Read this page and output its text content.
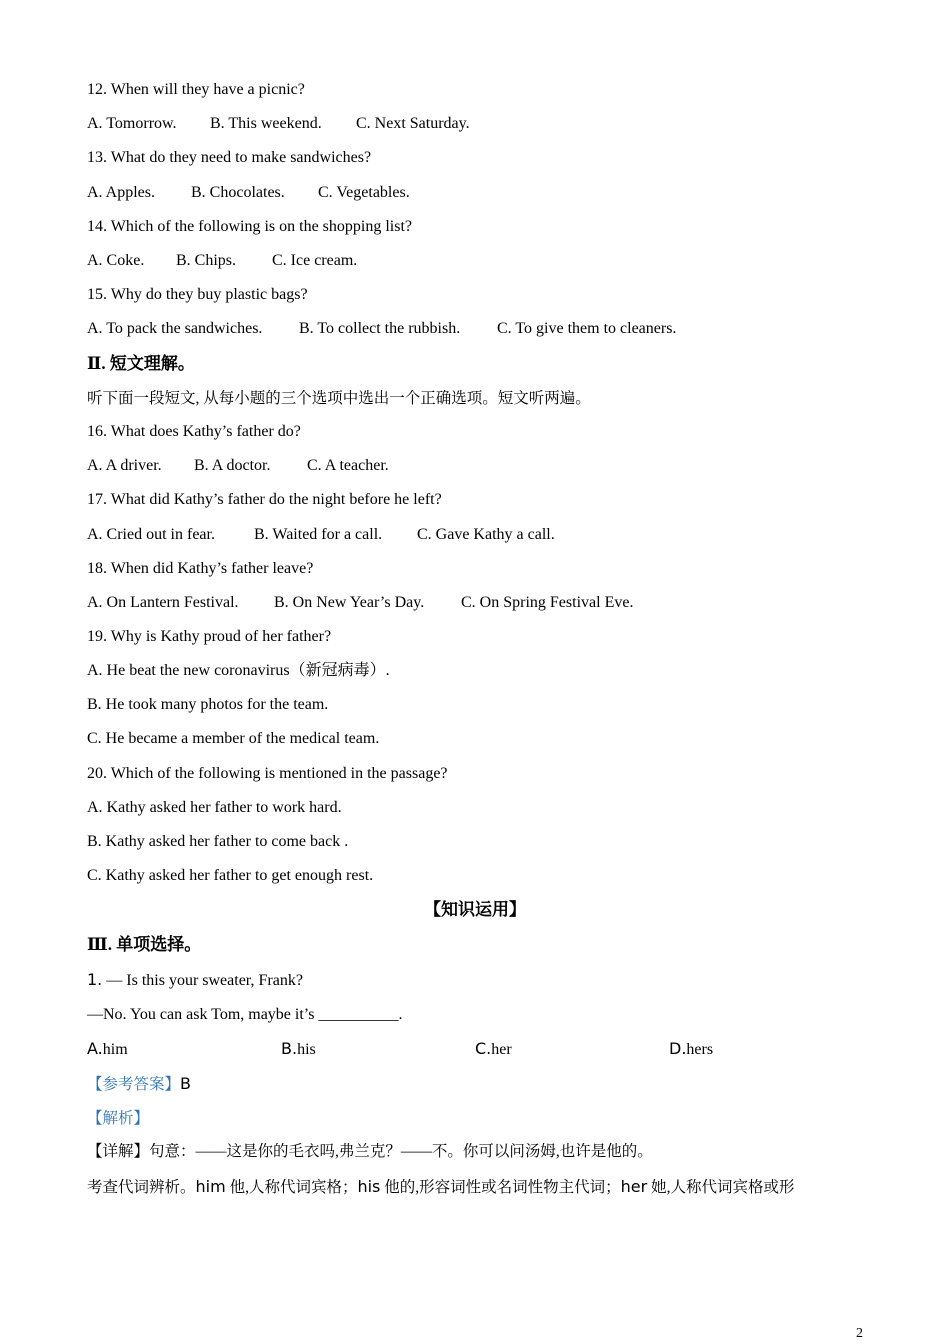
12. When will they have a picnic?
A. Tomorrow. B. This weekend. C. Next Saturday.
13. What do they need to make sandwiches?
A. Apples. B. Chocolates. C. Vegetables.
14. Which of the following is on the shopping list?
A. Coke. B. Chips. C. Ice cream.
15. Why do they buy plastic bags?
A. To pack the sandwiches. B. To collect the rubbish. C. To give them to cleaners.
Ⅱ. 短文理解。
听下面一段短文, 从每小题的三个选项中选出一个正确选项。短文听两遍。
16. What does Kathy’s father do?
A. A driver. B. A doctor. C. A teacher.
17. What did Kathy’s father do the night before he left?
A. Cried out in fear. B. Waited for a call. C. Gave Kathy a call.
18. When did Kathy’s father leave?
A. On Lantern Festival. B. On New Year’s Day. C. On Spring Festival Eve.
19. Why is Kathy proud of her father?
A. He beat the new coronavirus（新冠病毒）.
B. He took many photos for the team.
C. He became a member of the medical team.
20. Which of the following is mentioned in the passage?
A. Kathy asked her father to work hard.
B. Kathy asked her father to come back .
C. Kathy asked her father to get enough rest.
【知识运用】
Ⅲ. 单项选择。
1. — Is this your sweater, Frank?
—No. You can ask Tom, maybe it’s __________.
A.him	B.his	C.her	D.hers
【参考答案】B
【解析】
【详解】句意：——这是你的毛衣吗,弗兰克？——不。你可以问汤姆,也许是他的。
考查代词辨析。him 他,人称代词宾格；his 他的,形容词性或名词性物主代词；her 她,人称代词宾格或形
2
